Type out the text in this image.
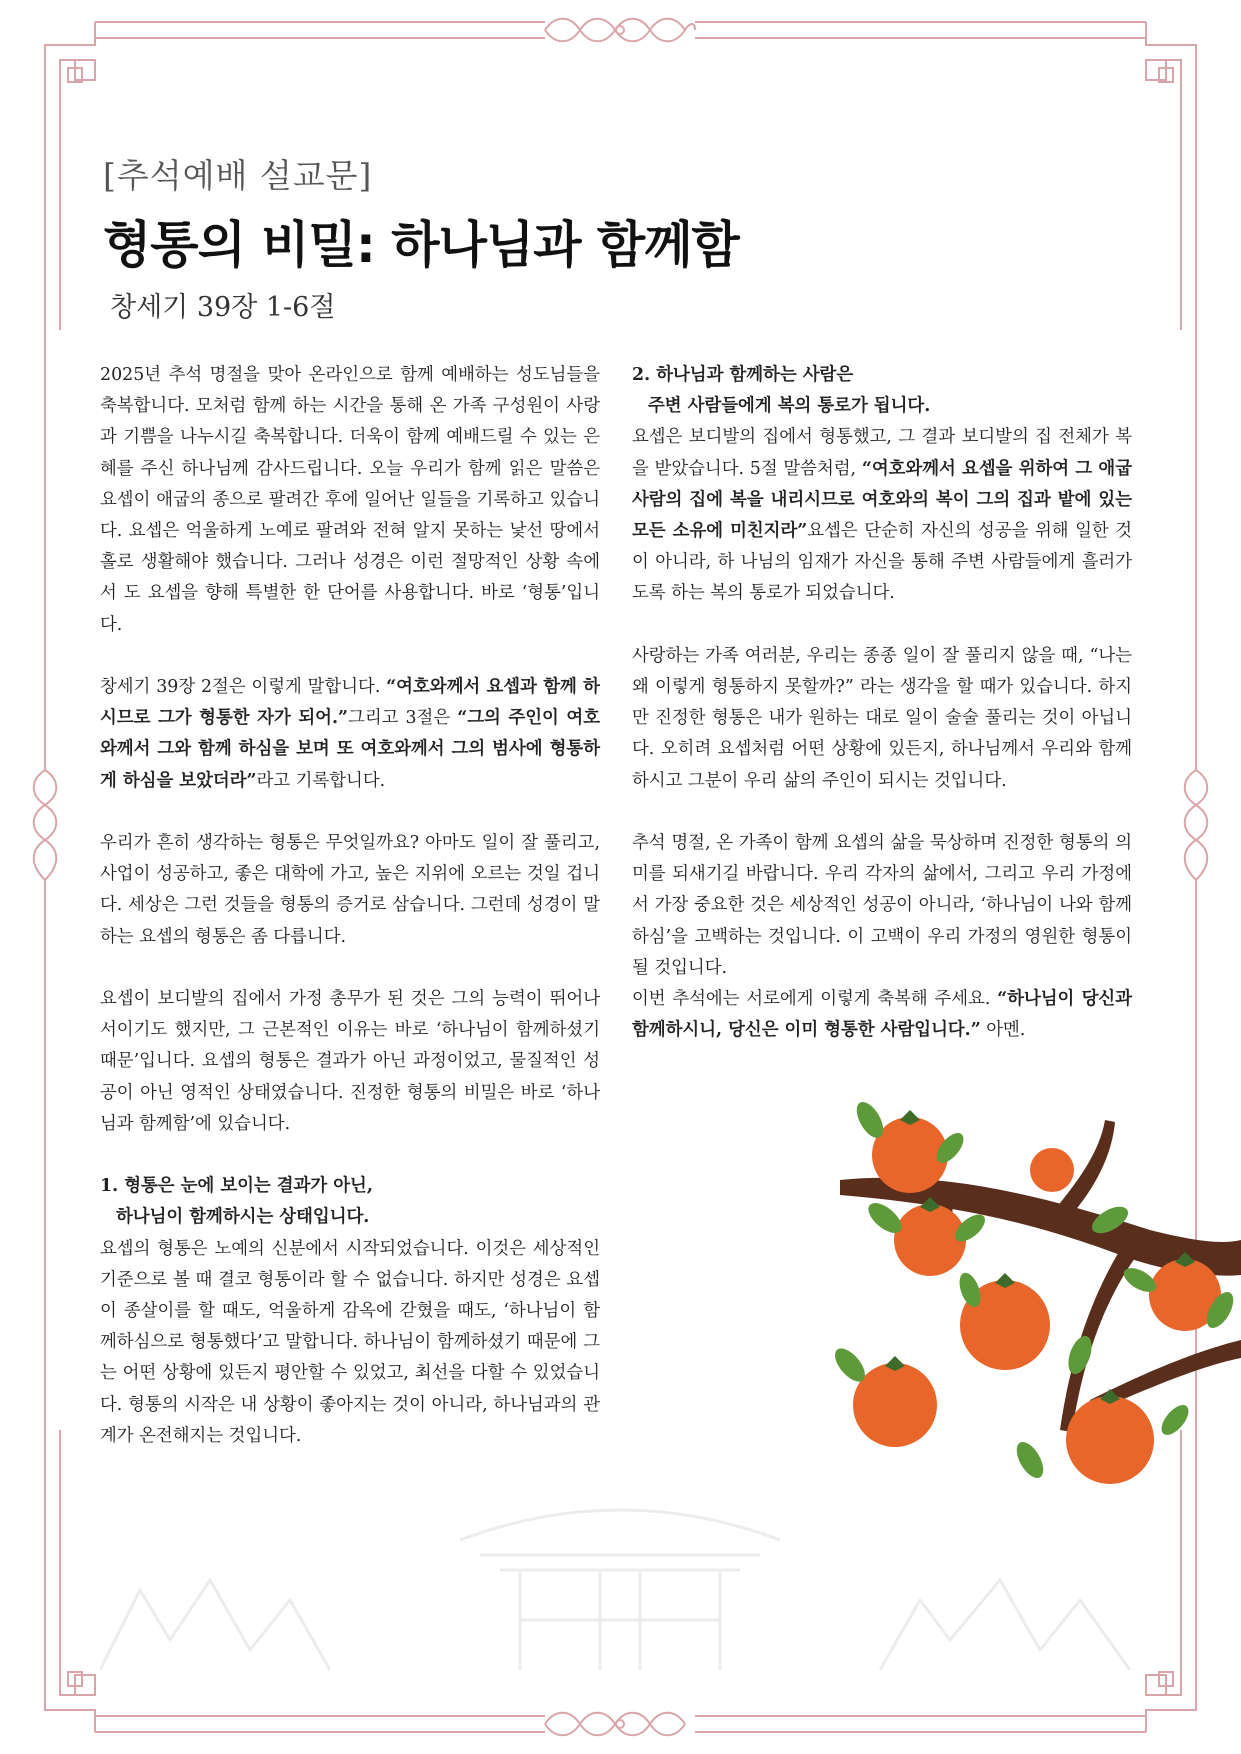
[추석예배 설교문]
형통의 비밀: 하나님과 함께함
창세기 39장 1-6절

2025년 추석 명절을 맞아 온라인으로 함께 예배하는 성도님들을 축복합니다. 모처럼 함께 하는 시간을 통해 온 가족 구성원이 사랑과 기쁨을 나누시길 축복합니다. 더욱이 함께 예배드릴 수 있는 은혜를 주신 하나님께 감사드립니다. 오늘 우리가 함께 읽은 말씀은 요셉이 애굽의 종으로 팔려간 후에 일어난 일들을 기록하고 있습니다. 요셉은 억울하게 노예로 팔려와 전혀 알지 못하는 낯선 땅에서 홀로 생활해야 했습니다. 그러나 성경은 이런 절망적인 상황 속에서 도 요셉을 향해 특별한 한 단어를 사용합니다. 바로 ‘형통’입니다.

창세기 39장 2절은 이렇게 말합니다. “여호와께서 요셉과 함께 하시므로 그가 형통한 자가 되어.”그리고 3절은 “그의 주인이 여호와께서 그와 함께 하심을 보며 또 여호와께서 그의 범사에 형통하게 하심을 보았더라”라고 기록합니다.

우리가 흔히 생각하는 형통은 무엇일까요? 아마도 일이 잘 풀리고, 사업이 성공하고, 좋은 대학에 가고, 높은 지위에 오르는 것일 겁니다. 세상은 그런 것들을 형통의 증거로 삼습니다. 그런데 성경이 말하는 요셉의 형통은 좀 다릅니다.

요셉이 보디발의 집에서 가정 총무가 된 것은 그의 능력이 뛰어나서이기도 했지만, 그 근본적인 이유는 바로 ‘하나님이 함께하셨기 때문’입니다. 요셉의 형통은 결과가 아닌 과정이었고, 물질적인 성공이 아닌 영적인 상태였습니다. 진정한 형통의 비밀은 바로 ‘하나님과 함께함’에 있습니다.

1. 형통은 눈에 보이는 결과가 아닌,
하나님이 함께하시는 상태입니다.

요셉의 형통은 노예의 신분에서 시작되었습니다. 이것은 세상적인 기준으로 볼 때 결코 형통이라 할 수 없습니다. 하지만 성경은 요셉이 종살이를 할 때도, 억울하게 감옥에 갇혔을 때도, ‘하나님이 함께하심으로 형통했다’고 말합니다. 하나님이 함께하셨기 때문에 그는 어떤 상황에 있든지 평안할 수 있었고, 최선을 다할 수 있었습니다. 형통의 시작은 내 상황이 좋아지는 것이 아니라, 하나님과의 관계가 온전해지는 것입니다.

2. 하나님과 함께하는 사람은
주변 사람들에게 복의 통로가 됩니다.

요셉은 보디발의 집에서 형통했고, 그 결과 보디발의 집 전체가 복을 받았습니다. 5절 말씀처럼, “여호와께서 요셉을 위하여 그 애굽 사람의 집에 복을 내리시므로 여호와의 복이 그의 집과 밭에 있는 모든 소유에 미친지라”요셉은 단순히 자신의 성공을 위해 일한 것이 아니라, 하 나님의 임재가 자신을 통해 주변 사람들에게 흘러가도록 하는 복의 통로가 되었습니다.

사랑하는 가족 여러분, 우리는 종종 일이 잘 풀리지 않을 때, “나는 왜 이렇게 형통하지 못할까?” 라는 생각을 할 때가 있습니다. 하지만 진정한 형통은 내가 원하는 대로 일이 술술 풀리는 것이 아닙니다. 오히려 요셉처럼 어떤 상황에 있든지, 하나님께서 우리와 함께하시고 그분이 우리 삶의 주인이 되시는 것입니다.

추석 명절, 온 가족이 함께 요셉의 삶을 묵상하며 진정한 형통의 의미를 되새기길 바랍니다. 우리 각자의 삶에서, 그리고 우리 가정에서 가장 중요한 것은 세상적인 성공이 아니라, ‘하나님이 나와 함께하심’을 고백하는 것입니다. 이 고백이 우리 가정의 영원한 형통이 될 것입니다.

이번 추석에는 서로에게 이렇게 축복해 주세요. “하나님이 당신과 함께하시니, 당신은 이미 형통한 사람입니다.” 아멘.
